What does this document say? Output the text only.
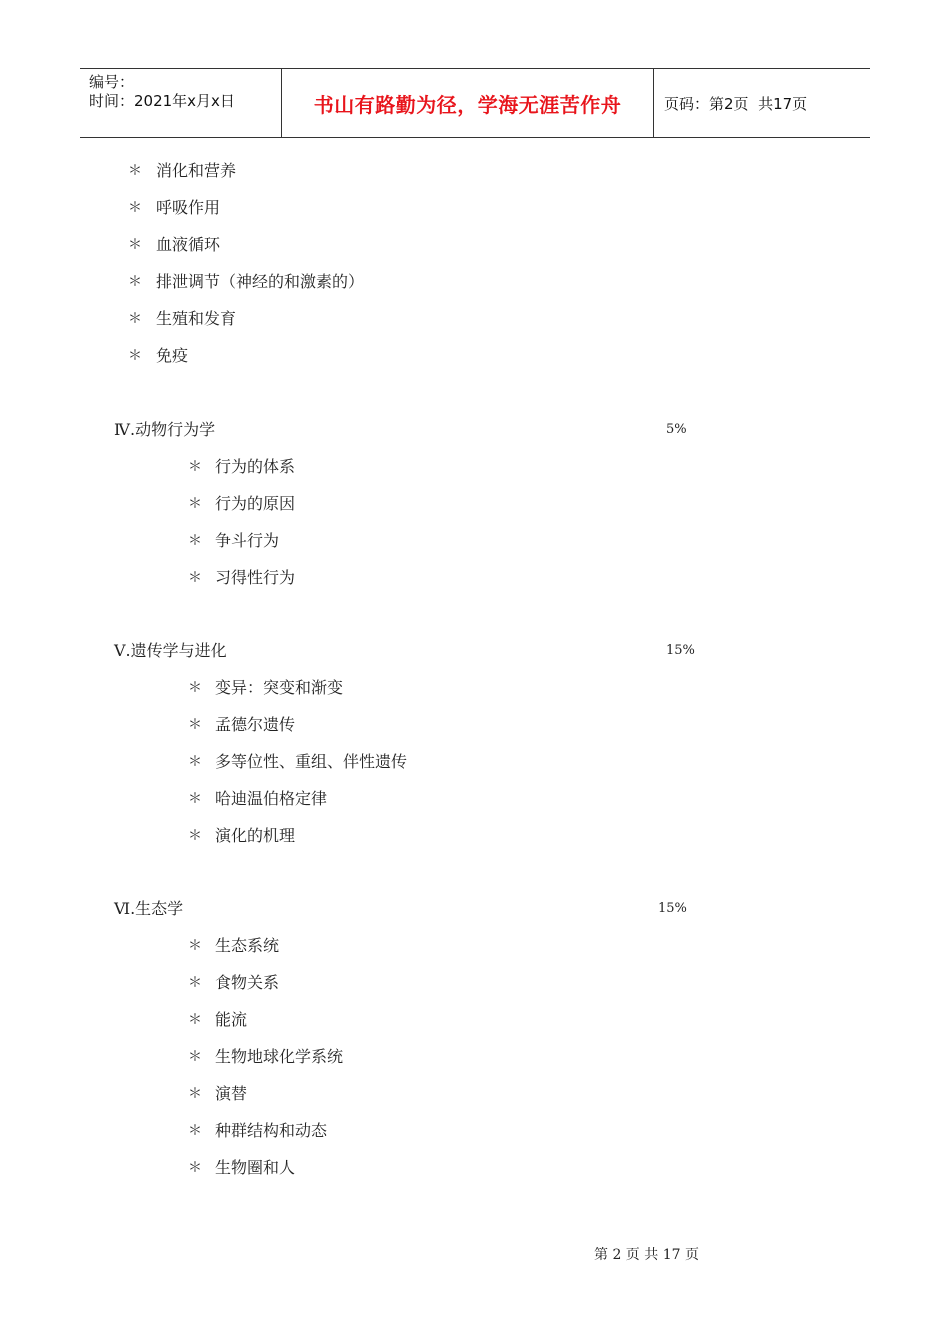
编号：
时间：2021年x月x日	书山有路勤为径，学海无涯苦作舟	页码：第2页  共17页
＊ 消化和营养
＊ 呼吸作用
＊ 血液循环
＊ 排泄调节（神经的和激素的）
＊ 生殖和发育
＊ 免疫
Ⅳ.动物行为学	5%
＊ 行为的体系
＊ 行为的原因
＊ 争斗行为
＊ 习得性行为
Ⅴ.遗传学与进化	15%
＊ 变异：突变和渐变
＊ 孟德尔遗传
＊ 多等位性、重组、伴性遗传
＊ 哈迪温伯格定律
＊ 演化的机理
Ⅵ.生态学	15%
＊ 生态系统
＊ 食物关系
＊ 能流
＊ 生物地球化学系统
＊ 演替
＊ 种群结构和动态
＊ 生物圈和人
第 2 页 共 17 页
